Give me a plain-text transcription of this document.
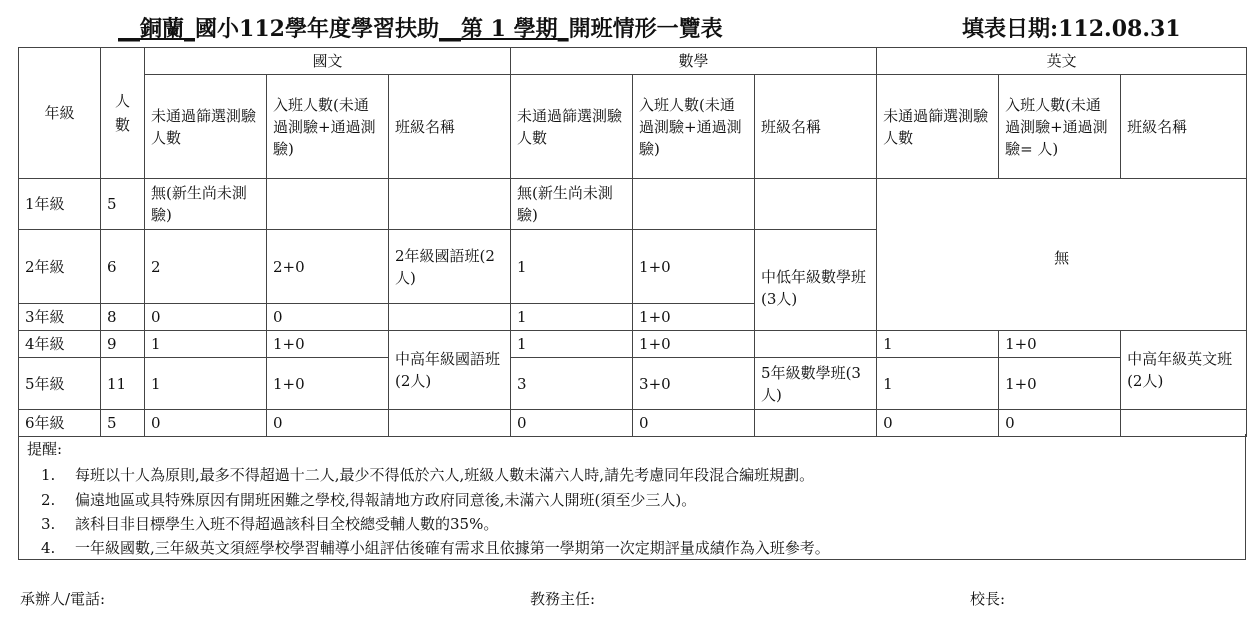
__銅蘭_國小112學年度學習扶助__第 1 學期_開班情形一覽表	填表日期:112.08.31
年級	人數	國文			數學			英文		
		未通過篩選測驗人數	入班人數(未通過測驗+通過測驗)	班級名稱	未通過篩選測驗人數	入班人數(未通過測驗+通過測驗)	班級名稱	未通過篩選測驗人數	入班人數(未通過測驗+通過測驗= 人)	班級名稱
1年級	5	無(新生尚未測驗)			無(新生尚未測驗)			無		
2年級	6	2	2+0	2年級國語班(2人)	1	1+0	中低年級數學班(3人)			
3年級	8	0	0		1	1+0				
4年級	9	1	1+0	中高年級國語班(2人)	1	1+0		1	1+0	中高年級英文班(2人)
5年級	11	1	1+0		3	3+0	5年級數學班(3人)	1	1+0	
6年級	5	0	0		0	0		0	0	
提醒:
1. 每班以十人為原則,最多不得超過十二人,最少不得低於六人,班級人數未滿六人時,請先考慮同年段混合編班規劃。
2. 偏遠地區或具特殊原因有開班困難之學校,得報請地方政府同意後,未滿六人開班(須至少三人)。
3. 該科目非目標學生入班不得超過該科目全校總受輔人數的35%。
4. 一年級國數,三年級英文須經學校學習輔導小組評估後確有需求且依據第一學期第一次定期評量成績作為入班參考。
承辦人/電話:	教務主任:	校長:
